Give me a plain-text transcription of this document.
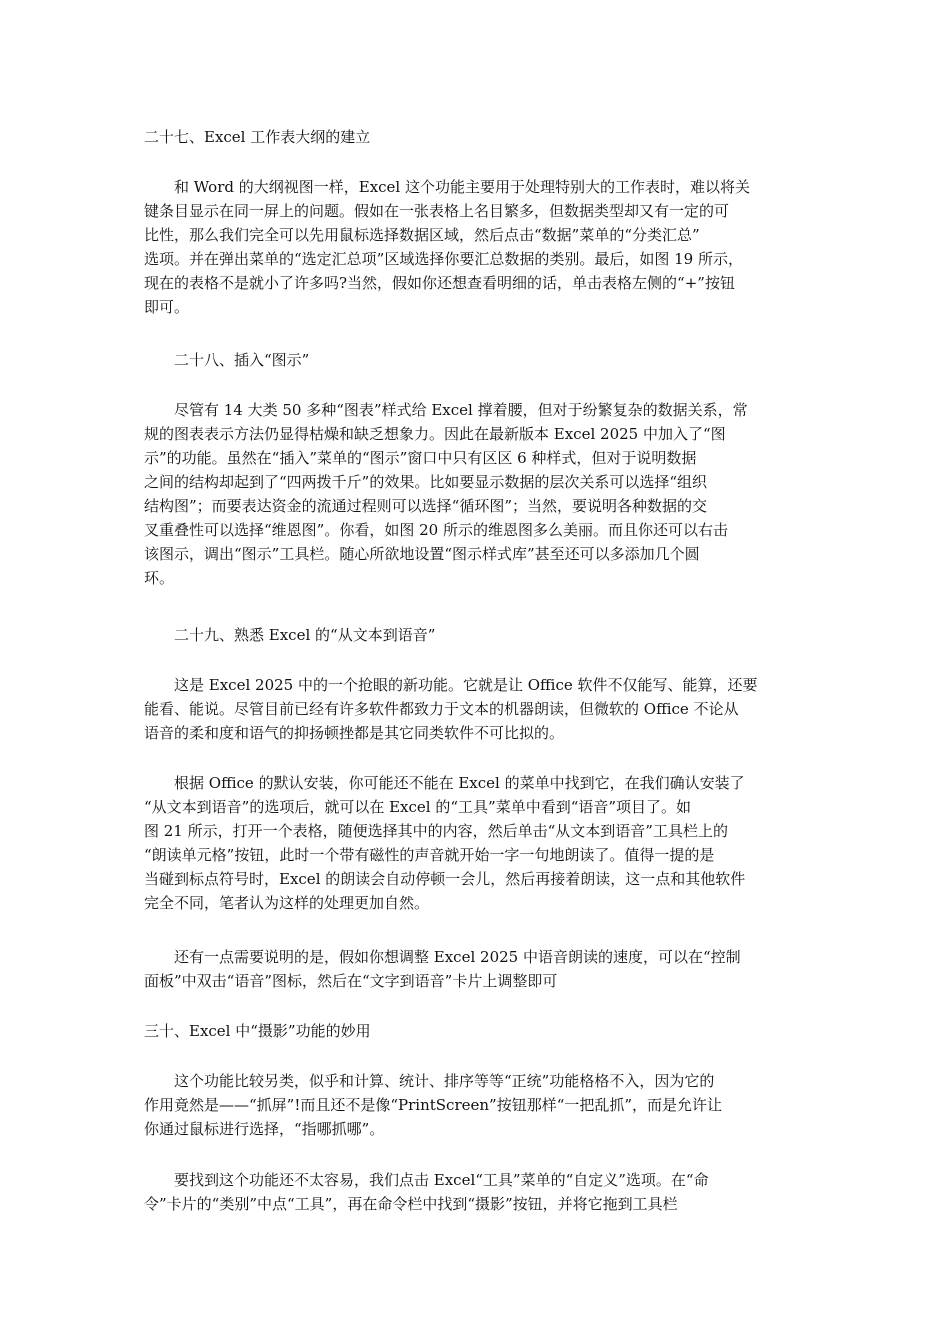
二十七、Excel 工作表大纲的建立
　　和 Word 的大纲视图一样，Excel 这个功能主要用于处理特别大的工作表时，难以将关
键条目显示在同一屏上的问题。假如在一张表格上名目繁多，但数据类型却又有一定的可
比性，那么我们完全可以先用鼠标选择数据区域，然后点击“数据”菜单的“分类汇总”
选项。并在弹出菜单的“选定汇总项”区域选择你要汇总数据的类别。最后，如图 19 所示，
现在的表格不是就小了许多吗?当然，假如你还想查看明细的话，单击表格左侧的“+”按钮
即可。
　　二十八、插入“图示”
　　尽管有 14 大类 50 多种“图表”样式给 Excel 撑着腰，但对于纷繁复杂的数据关系，常
规的图表表示方法仍显得枯燥和缺乏想象力。因此在最新版本 Excel 2025 中加入了“图
示”的功能。虽然在“插入”菜单的“图示”窗口中只有区区 6 种样式，但对于说明数据
之间的结构却起到了“四两拨千斤”的效果。比如要显示数据的层次关系可以选择“组织
结构图”；而要表达资金的流通过程则可以选择“循环图”；当然，要说明各种数据的交
叉重叠性可以选择“维恩图”。你看，如图 20 所示的维恩图多么美丽。而且你还可以右击
该图示，调出“图示”工具栏。随心所欲地设置“图示样式库”甚至还可以多添加几个圆
环。
　　二十九、熟悉 Excel 的“从文本到语音”
　　这是 Excel 2025 中的一个抢眼的新功能。它就是让 Office 软件不仅能写、能算，还要
能看、能说。尽管目前已经有许多软件都致力于文本的机器朗读，但微软的 Office 不论从
语音的柔和度和语气的抑扬顿挫都是其它同类软件不可比拟的。
　　根据 Office 的默认安装，你可能还不能在 Excel 的菜单中找到它，在我们确认安装了
“从文本到语音”的选项后，就可以在 Excel 的“工具”菜单中看到“语音”项目了。如
图 21 所示，打开一个表格，随便选择其中的内容，然后单击“从文本到语音”工具栏上的
“朗读单元格”按钮，此时一个带有磁性的声音就开始一字一句地朗读了。值得一提的是
当碰到标点符号时，Excel 的朗读会自动停顿一会儿，然后再接着朗读，这一点和其他软件
完全不同，笔者认为这样的处理更加自然。
　　还有一点需要说明的是，假如你想调整 Excel 2025 中语音朗读的速度，可以在“控制
面板”中双击“语音”图标，然后在“文字到语音”卡片上调整即可
三十、Excel 中“摄影”功能的妙用
　　这个功能比较另类，似乎和计算、统计、排序等等“正统”功能格格不入，因为它的
作用竟然是——“抓屏”!而且还不是像“PrintScreen”按钮那样“一把乱抓”，而是允许让
你通过鼠标进行选择，“指哪抓哪”。
　　要找到这个功能还不太容易，我们点击 Excel“工具”菜单的“自定义”选项。在“命
令”卡片的“类别”中点“工具”，再在命令栏中找到“摄影”按钮，并将它拖到工具栏
